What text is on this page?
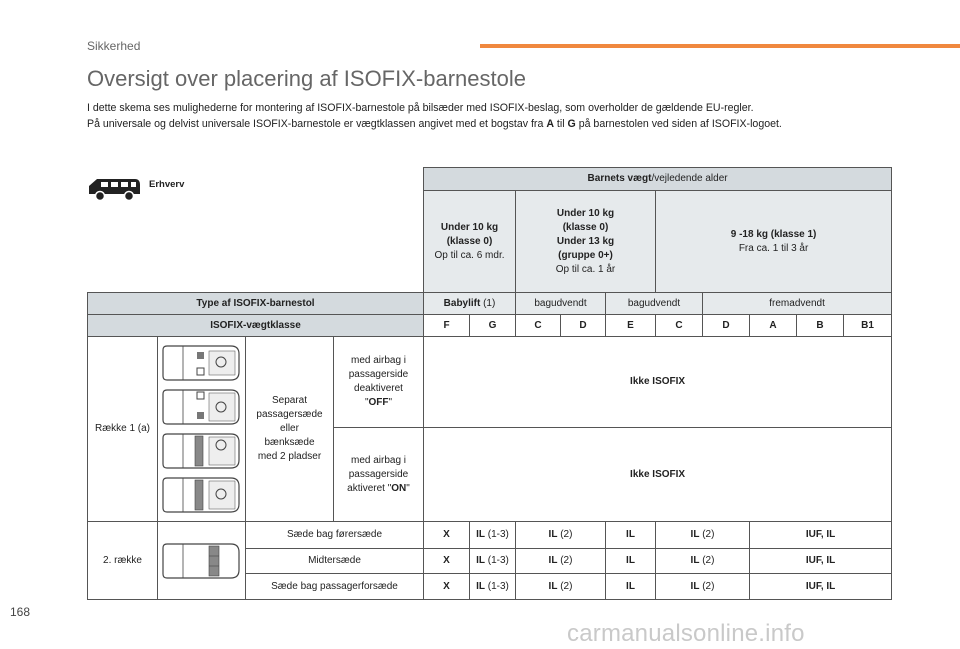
Sikkerhed
Oversigt over placering af ISOFIX-barnestole

I dette skema ses mulighederne for montering af ISOFIX-barnestole på bilsæder med ISOFIX-beslag, som overholder de gældende EU-regler.

På universale og delvist universale ISOFIX-barnestole er vægtklassen angivet med et bogstav fra A til G på barnestolen ved siden af ISOFIX-logoet.

				Barnets vægt/vejledende alder									
				Under 10 kg
(klasse 0)
Op til ca. 6 mdr.		Under 10 kg
(klasse 0)
Under 13 kg
(gruppe 0+)
Op til ca. 1 år			9 -18 kg (klasse 1)
Fra ca. 1 til 3 år				
Type af ISOFIX-barnestol				Babylift (1)		bagudvendt		bagudvendt		fremadvendt			
ISOFIX-vægtklasse				F	G	C	D	E	C	D	A	B	B1
Række 1 (a)		Separat
passagersæde
eller
bænksæde
med 2 pladser	med airbag i
passagerside
deaktiveret
"OFF"	Ikke ISOFIX									
			med airbag i
passagerside
aktiveret "ON"	Ikke ISOFIX									
2. række		Sæde bag førersæde		X	IL (1-3)	IL (2)		IL	IL (2)		IUF, IL		
		Midtersæde		X	IL (1-3)	IL (2)		IL	IL (2)		IUF, IL		
		Sæde bag passagerforsæde		X	IL (1-3)	IL (2)		IL	IL (2)		IUF, IL		
Erhverv
168
carmanualsonline.info
